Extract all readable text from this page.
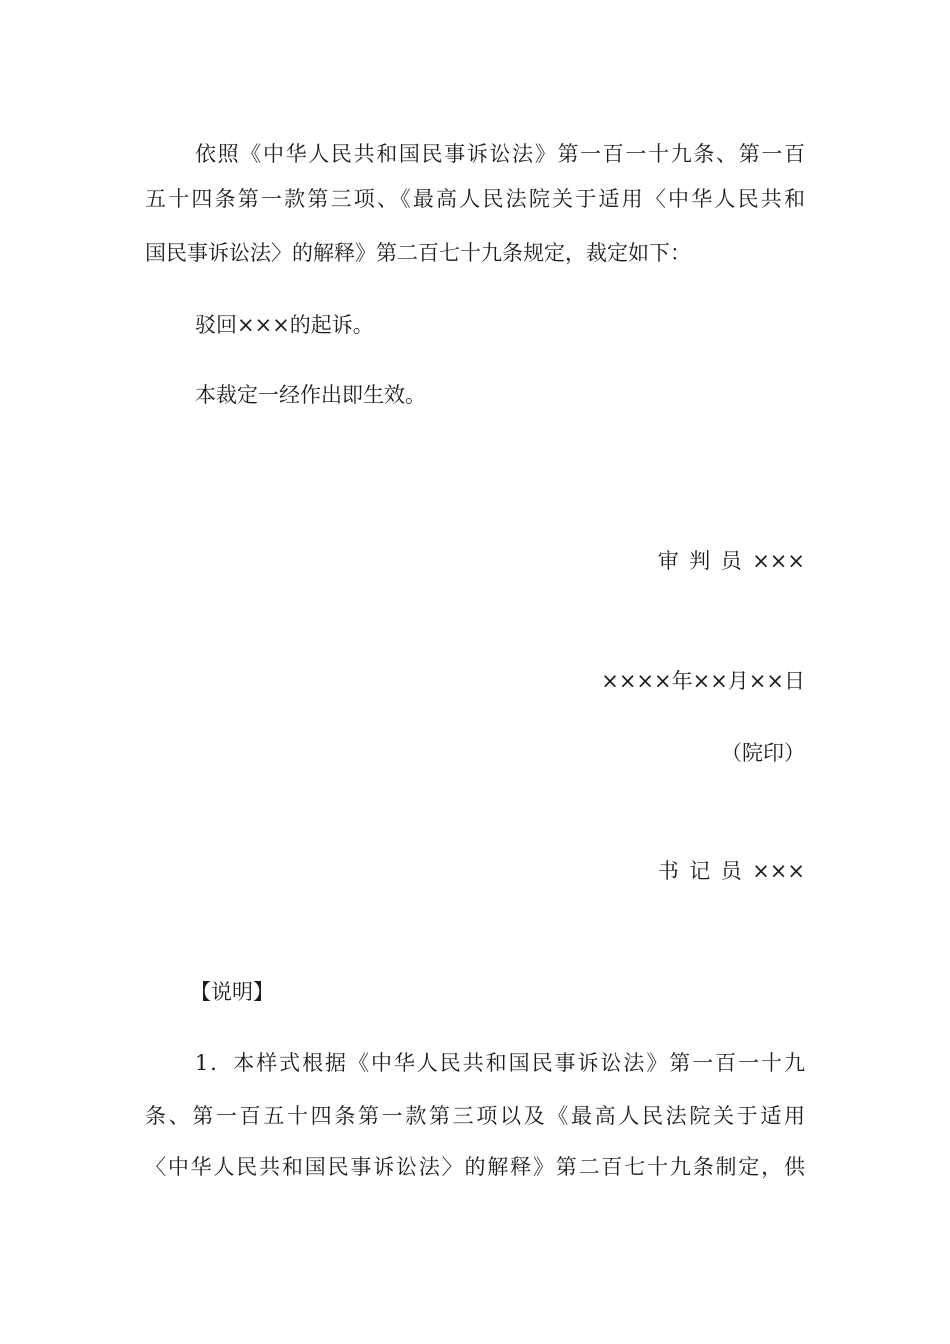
依照《中华人民共和国民事诉讼法》第一百一十九条、第一百
五十四条第一款第三项、《最高人民法院关于适用〈中华人民共和
国民事诉讼法〉的解释》第二百七十九条规定，裁定如下：
驳回×××的起诉。
本裁定一经作出即生效。
审判员×××
××××年××月××日
（院印）
书记员×××
【说明】
1．本样式根据《中华人民共和国民事诉讼法》第一百一十九
条、第一百五十四条第一款第三项以及《最高人民法院关于适用
〈中华人民共和国民事诉讼法〉的解释》第二百七十九条制定，供
